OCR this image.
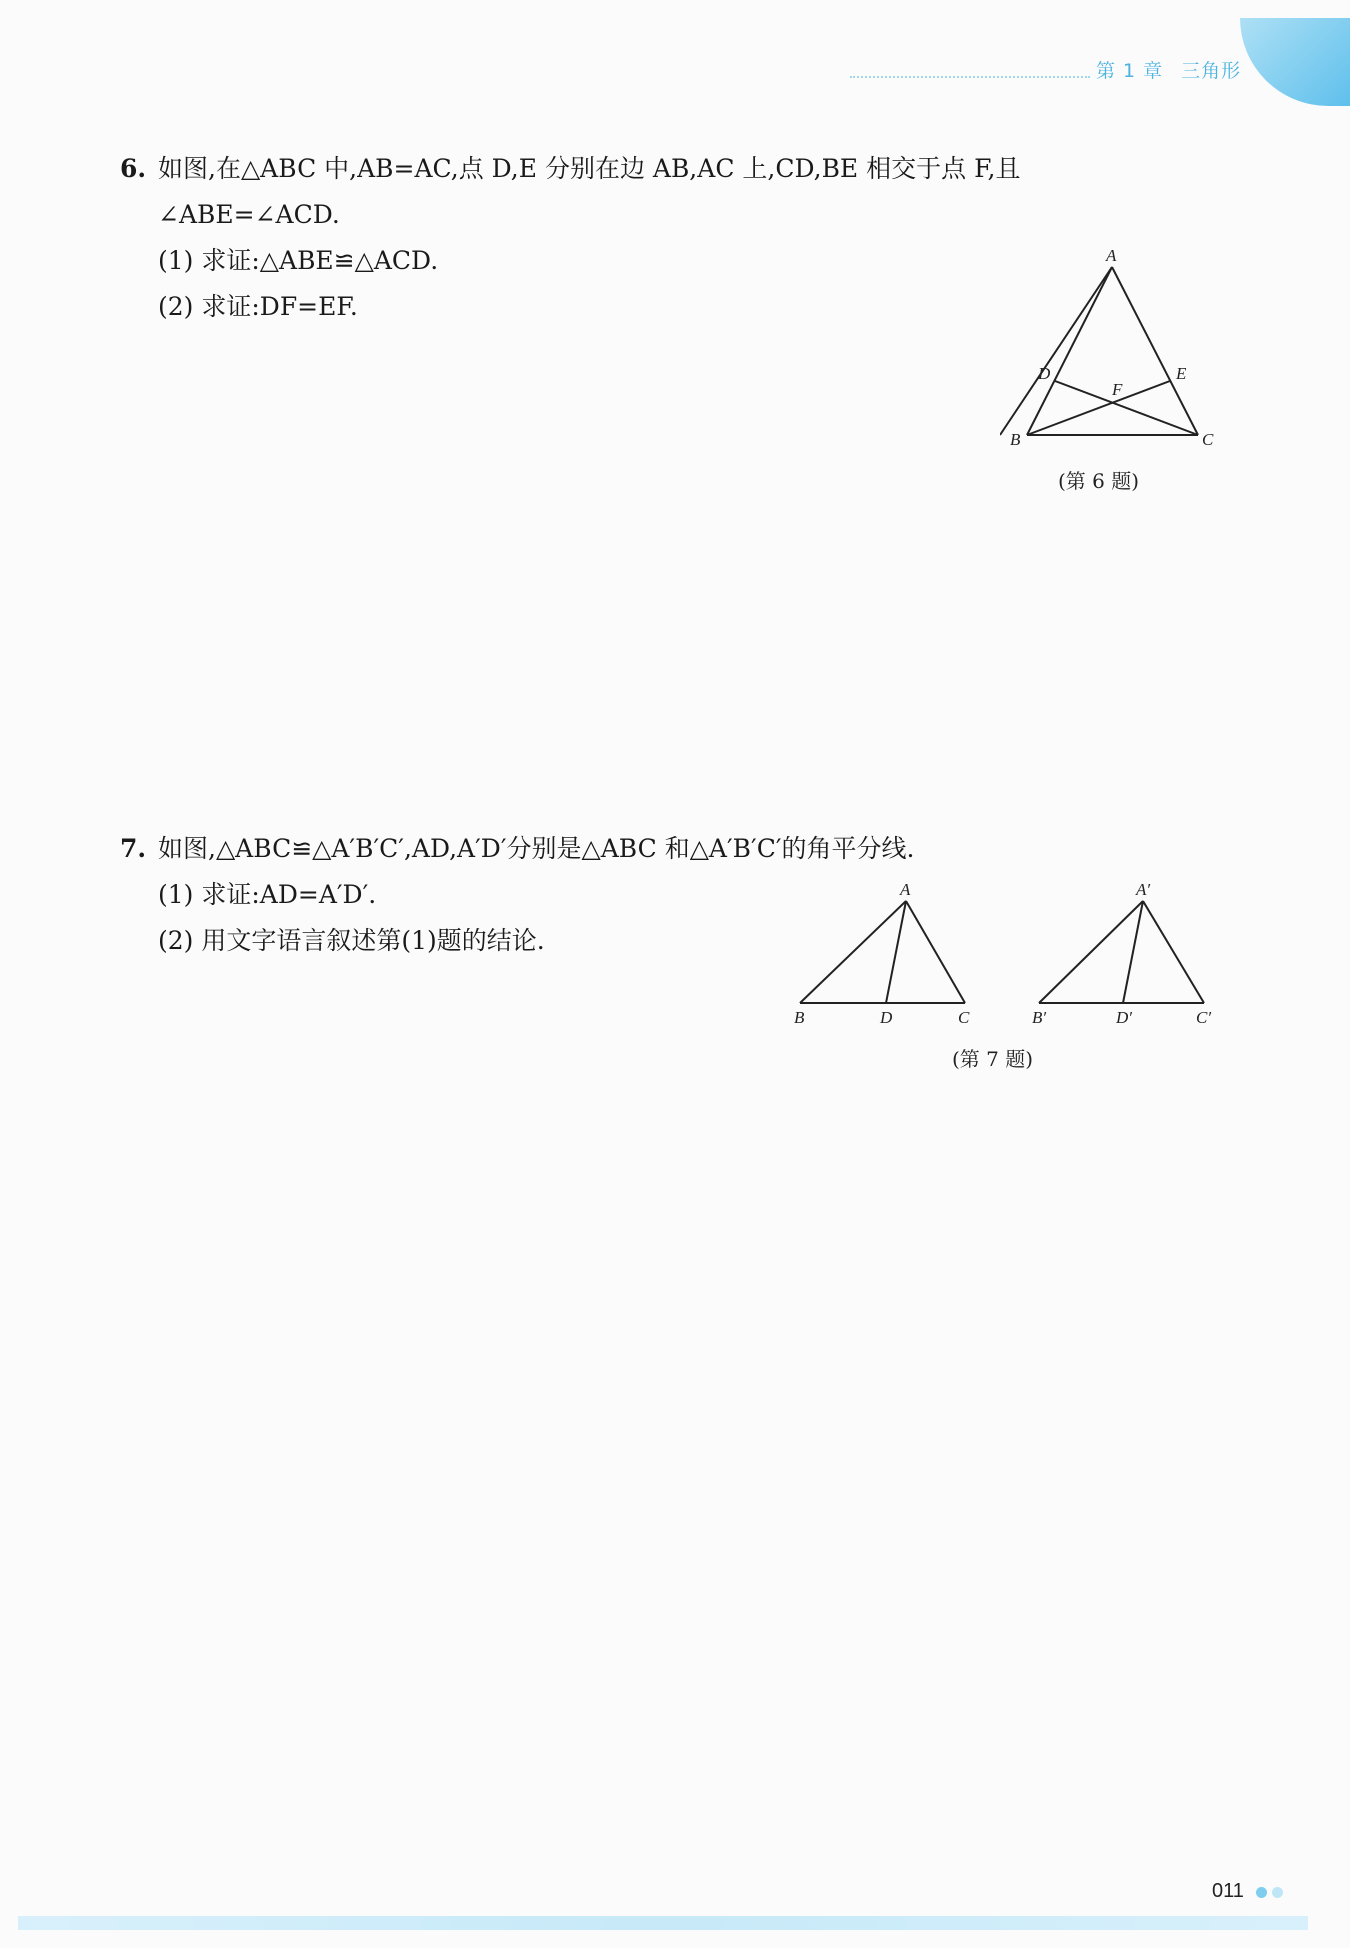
第 1 章 三角形
6. 如图,在△ABC 中,AB=AC,点 D,E 分别在边 AB,AC 上,CD,BE 相交于点 F,且
∠ABE=∠ACD.
(1) 求证:△ABE≌△ACD.
(2) 求证:DF=EF.
A
B	C
D	E
F
(第 6 题)
7. 如图,△ABC≌△A′B′C′,AD,A′D′分别是△ABC 和△A′B′C′的角平分线.
(1) 求证:AD=A′D′.
(2) 用文字语言叙述第(1)题的结论.
A
B	C
D
A′
B′	C′
D′
(第 7 题)
011
